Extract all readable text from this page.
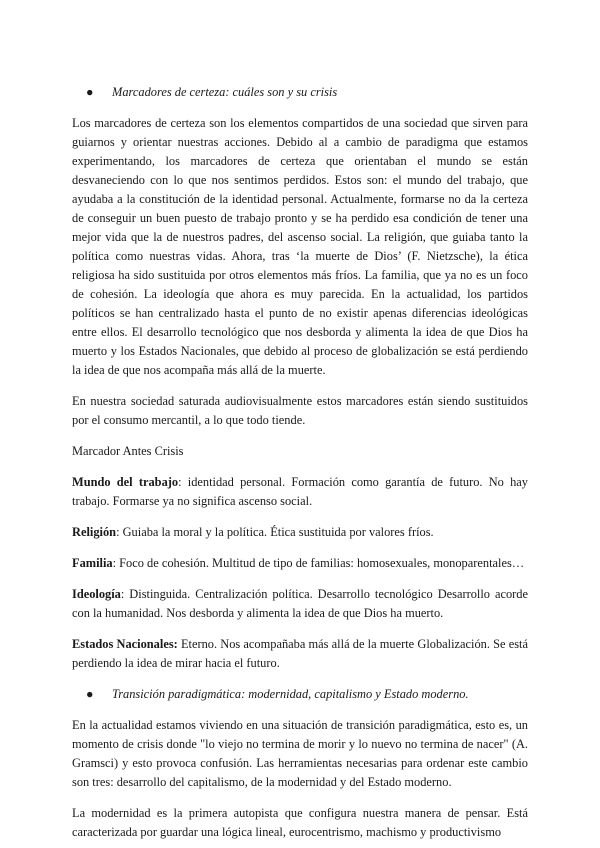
●	Marcadores de certeza: cuáles son y su crisis

Los marcadores de certeza son los elementos compartidos de una sociedad que sirven para guiarnos y orientar nuestras acciones. Debido al a cambio de paradigma que estamos experimentando, los marcadores de certeza que orientaban el mundo se están desvaneciendo con lo que nos sentimos perdidos. Estos son: el mundo del trabajo, que ayudaba a la constitución de la identidad personal. Actualmente, formarse no da la certeza de conseguir un buen puesto de trabajo pronto y se ha perdido esa condición de tener una mejor vida que la de nuestros padres, del ascenso social. La religión, que guiaba tanto la política como nuestras vidas. Ahora, tras ‘la muerte de Dios’ (F. Nietzsche), la ética religiosa ha sido sustituida por otros elementos más fríos. La familia, que ya no es un foco de cohesión. La ideología que ahora es muy parecida. En la actualidad, los partidos políticos se han centralizado hasta el punto de no existir apenas diferencias ideológicas entre ellos. El desarrollo tecnológico que nos desborda y alimenta la idea de que Dios ha muerto y los Estados Nacionales, que debido al proceso de globalización se está perdiendo la idea de que nos acompaña más allá de la muerte.

En nuestra sociedad saturada audiovisualmente estos marcadores están siendo sustituidos por el consumo mercantil, a lo que todo tiende.

Marcador Antes Crisis

Mundo del trabajo: identidad personal. Formación como garantía de futuro. No hay trabajo. Formarse ya no significa ascenso social.

Religión: Guiaba la moral y la política. Ética sustituida por valores fríos.

Familia: Foco de cohesión. Multitud de tipo de familias: homosexuales, monoparentales…

Ideología: Distinguida. Centralización política. Desarrollo tecnológico Desarrollo acorde con la humanidad. Nos desborda y alimenta la idea de que Dios ha muerto.

Estados Nacionales: Eterno. Nos acompañaba más allá de la muerte Globalización. Se está perdiendo la idea de mirar hacia el futuro.

●	Transición paradigmática: modernidad, capitalismo y Estado moderno.

En la actualidad estamos viviendo en una situación de transición paradigmática, esto es, un momento de crisis donde "lo viejo no termina de morir y lo nuevo no termina de nacer" (A. Gramsci) y esto provoca confusión. Las herramientas necesarias para ordenar este cambio son tres: desarrollo del capitalismo, de la modernidad y del Estado moderno.

La modernidad es la primera autopista que configura nuestra manera de pensar. Está caracterizada por guardar una lógica lineal, eurocentrismo, machismo y productivismo
